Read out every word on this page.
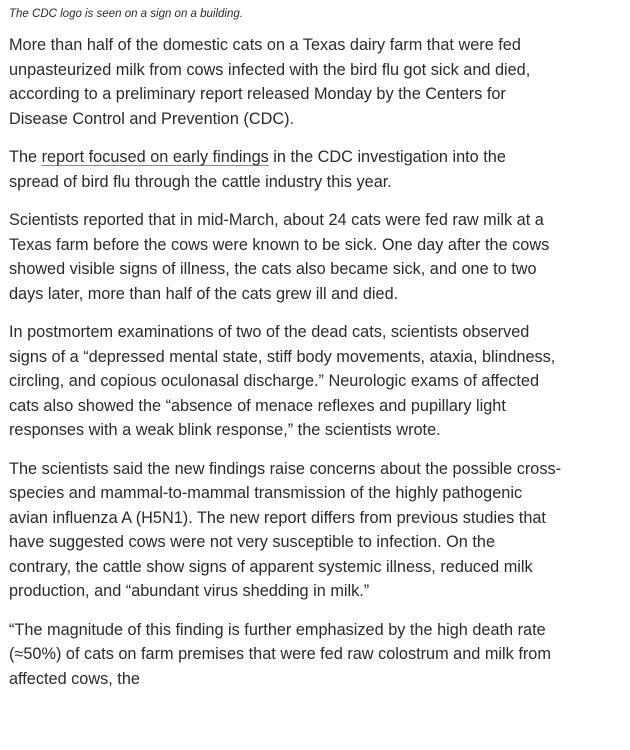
The CDC logo is seen on a sign on a building.

More than half of the domestic cats on a Texas dairy farm that were fed
unpasteurized milk from cows infected with the bird flu got sick and died,
according to a preliminary report released Monday by the Centers for
Disease Control and Prevention (CDC).

The report focused on early findings in the CDC investigation into the
spread of bird flu through the cattle industry this year.

Scientists reported that in mid-March, about 24 cats were fed raw milk at a
Texas farm before the cows were known to be sick. One day after the cows
showed visible signs of illness, the cats also became sick, and one to two
days later, more than half of the cats grew ill and died.

In postmortem examinations of two of the dead cats, scientists observed
signs of a “depressed mental state, stiff body movements, ataxia, blindness,
circling, and copious oculonasal discharge.” Neurologic exams of affected
cats also showed the “absence of menace reflexes and pupillary light
responses with a weak blink response,” the scientists wrote.

The scientists said the new findings raise concerns about the possible cross-
species and mammal-to-mammal transmission of the highly pathogenic
avian influenza A (H5N1). The new report differs from previous studies that
have suggested cows were not very susceptible to infection. On the
contrary, the cattle show signs of apparent systemic illness, reduced milk
production, and “abundant virus shedding in milk.”

“The magnitude of this finding is further emphasized by the high death rate
(≈50%) of cats on farm premises that were fed raw colostrum and milk from
affected cows, the
